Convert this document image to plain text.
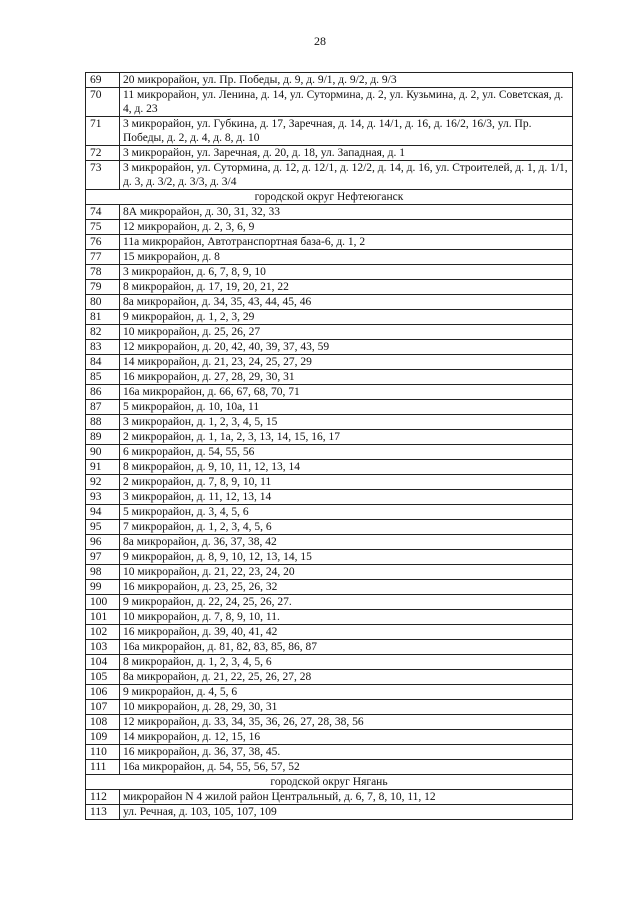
28
69	20 микрорайон, ул. Пр. Победы, д. 9, д. 9/1, д. 9/2, д. 9/3
70	11 микрорайон, ул. Ленина, д. 14, ул. Сутормина, д. 2, ул. Кузьмина, д. 2, ул. Советская, д. 4, д. 23
71	3 микрорайон, ул. Губкина, д. 17, Заречная, д. 14, д. 14/1, д. 16, д. 16/2, 16/3, ул. Пр. Победы, д. 2, д. 4, д. 8, д. 10
72	3 микрорайон, ул. Заречная, д. 20, д. 18, ул. Западная, д. 1
73	3 микрорайон, ул. Сутормина, д. 12, д. 12/1, д. 12/2, д. 14, д. 16, ул. Строителей, д. 1, д. 1/1, д. 3, д. 3/2, д. 3/3, д. 3/4
городской округ Нефтеюганск	
74	8А микрорайон, д. 30, 31, 32, 33
75	12 микрорайон, д. 2, 3, 6, 9
76	11а микрорайон, Автотранспортная база-6, д. 1, 2
77	15 микрорайон, д. 8
78	3 микрорайон, д. 6, 7, 8, 9, 10
79	8 микрорайон, д. 17, 19, 20, 21, 22
80	8а микрорайон, д. 34, 35, 43, 44, 45, 46
81	9 микрорайон, д. 1, 2, 3, 29
82	10 микрорайон, д. 25, 26, 27
83	12 микрорайон, д. 20, 42, 40, 39, 37, 43, 59
84	14 микрорайон, д. 21, 23, 24, 25, 27, 29
85	16 микрорайон, д. 27, 28, 29, 30, 31
86	16а микрорайон, д. 66, 67, 68, 70, 71
87	5 микрорайон, д. 10, 10а, 11
88	3 микрорайон, д. 1, 2, 3, 4, 5, 15
89	2 микрорайон, д. 1, 1а, 2, 3, 13, 14, 15, 16, 17
90	6 микрорайон, д. 54, 55, 56
91	8 микрорайон, д. 9, 10, 11, 12, 13, 14
92	2 микрорайон, д. 7, 8, 9, 10, 11
93	3 микрорайон, д. 11, 12, 13, 14
94	5 микрорайон, д. 3, 4, 5, 6
95	7 микрорайон, д. 1, 2, 3, 4, 5, 6
96	8а микрорайон, д. 36, 37, 38, 42
97	9 микрорайон, д. 8, 9, 10, 12, 13, 14, 15
98	10 микрорайон, д. 21, 22, 23, 24, 20
99	16 микрорайон, д. 23, 25, 26, 32
100	9 микрорайон, д. 22, 24, 25, 26, 27.
101	10 микрорайон, д. 7, 8, 9, 10, 11.
102	16 микрорайон, д. 39, 40, 41, 42
103	16а микрорайон, д. 81, 82, 83, 85, 86, 87
104	8 микрорайон, д. 1, 2, 3, 4, 5, 6
105	8а микрорайон, д. 21, 22, 25, 26, 27, 28
106	9 микрорайон, д. 4, 5, 6
107	10 микрорайон, д. 28, 29, 30, 31
108	12 микрорайон, д. 33, 34, 35, 36, 26, 27, 28, 38, 56
109	14 микрорайон, д. 12, 15, 16
110	16 микрорайон, д. 36, 37, 38, 45.
111	16а микрорайон, д. 54, 55, 56, 57, 52
городской округ Нягань	
112	микрорайон N 4 жилой район Центральный, д. 6, 7, 8, 10, 11, 12
113	ул. Речная, д. 103, 105, 107, 109
